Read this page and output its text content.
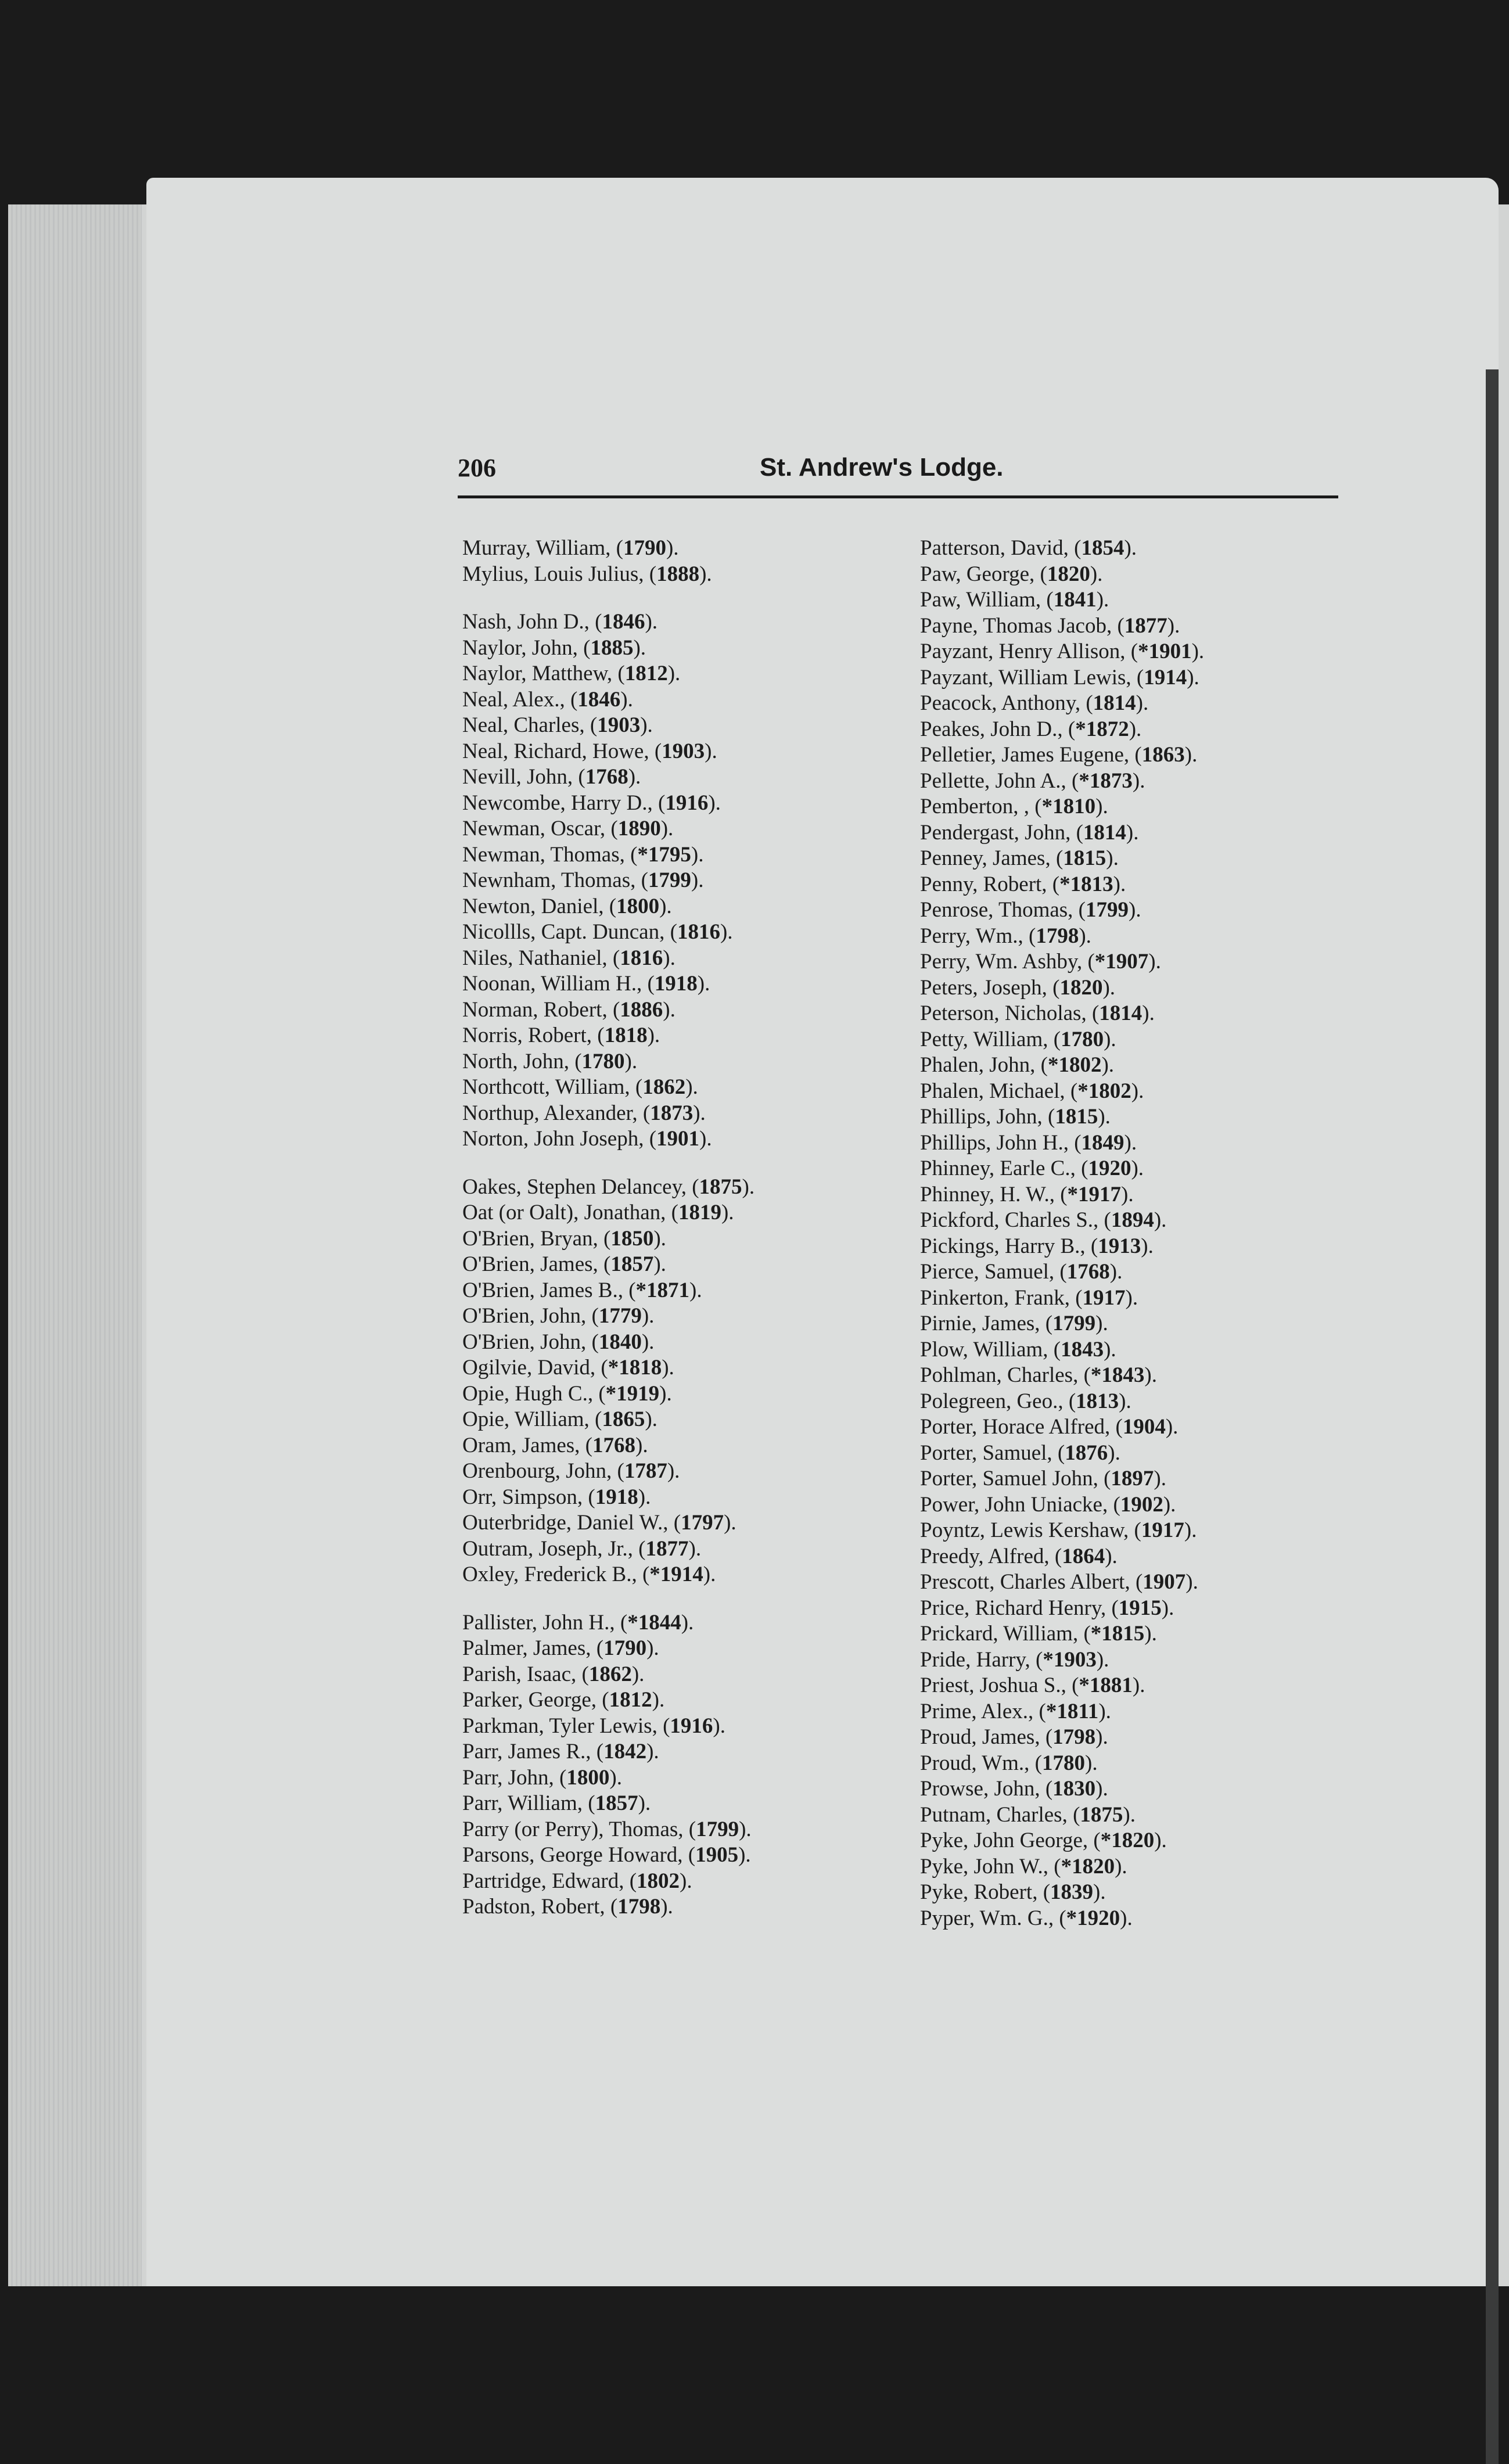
206	St. Andrew's Lodge.
Murray, William, (1790).
Mylius, Louis Julius, (1888).
Nash, John D., (1846).
Naylor, John, (1885).
Naylor, Matthew, (1812).
Neal, Alex., (1846).
Neal, Charles, (1903).
Neal, Richard, Howe, (1903).
Nevill, John, (1768).
Newcombe, Harry D., (1916).
Newman, Oscar, (1890).
Newman, Thomas, (*1795).
Newnham, Thomas, (1799).
Newton, Daniel, (1800).
Nicollls, Capt. Duncan, (1816).
Niles, Nathaniel, (1816).
Noonan, William H., (1918).
Norman, Robert, (1886).
Norris, Robert, (1818).
North, John, (1780).
Northcott, William, (1862).
Northup, Alexander, (1873).
Norton, John Joseph, (1901).
Oakes, Stephen Delancey, (1875).
Oat (or Oalt), Jonathan, (1819).
O'Brien, Bryan, (1850).
O'Brien, James, (1857).
O'Brien, James B., (*1871).
O'Brien, John, (1779).
O'Brien, John, (1840).
Ogilvie, David, (*1818).
Opie, Hugh C., (*1919).
Opie, William, (1865).
Oram, James, (1768).
Orenbourg, John, (1787).
Orr, Simpson, (1918).
Outerbridge, Daniel W., (1797).
Outram, Joseph, Jr., (1877).
Oxley, Frederick B., (*1914).
Pallister, John H., (*1844).
Palmer, James, (1790).
Parish, Isaac, (1862).
Parker, George, (1812).
Parkman, Tyler Lewis, (1916).
Parr, James R., (1842).
Parr, John, (1800).
Parr, William, (1857).
Parry (or Perry), Thomas, (1799).
Parsons, George Howard, (1905).
Partridge, Edward, (1802).
Padston, Robert, (1798).
Patterson, David, (1854).
Paw, George, (1820).
Paw, William, (1841).
Payne, Thomas Jacob, (1877).
Payzant, Henry Allison, (*1901).
Payzant, William Lewis, (1914).
Peacock, Anthony, (1814).
Peakes, John D., (*1872).
Pelletier, James Eugene, (1863).
Pellette, John A., (*1873).
Pemberton, , (*1810).
Pendergast, John, (1814).
Penney, James, (1815).
Penny, Robert, (*1813).
Penrose, Thomas, (1799).
Perry, Wm., (1798).
Perry, Wm. Ashby, (*1907).
Peters, Joseph, (1820).
Peterson, Nicholas, (1814).
Petty, William, (1780).
Phalen, John, (*1802).
Phalen, Michael, (*1802).
Phillips, John, (1815).
Phillips, John H., (1849).
Phinney, Earle C., (1920).
Phinney, H. W., (*1917).
Pickford, Charles S., (1894).
Pickings, Harry B., (1913).
Pierce, Samuel, (1768).
Pinkerton, Frank, (1917).
Pirnie, James, (1799).
Plow, William, (1843).
Pohlman, Charles, (*1843).
Polegreen, Geo., (1813).
Porter, Horace Alfred, (1904).
Porter, Samuel, (1876).
Porter, Samuel John, (1897).
Power, John Uniacke, (1902).
Poyntz, Lewis Kershaw, (1917).
Preedy, Alfred, (1864).
Prescott, Charles Albert, (1907).
Price, Richard Henry, (1915).
Prickard, William, (*1815).
Pride, Harry, (*1903).
Priest, Joshua S., (*1881).
Prime, Alex., (*1811).
Proud, James, (1798).
Proud, Wm., (1780).
Prowse, John, (1830).
Putnam, Charles, (1875).
Pyke, John George, (*1820).
Pyke, John W., (*1820).
Pyke, Robert, (1839).
Pyper, Wm. G., (*1920).
